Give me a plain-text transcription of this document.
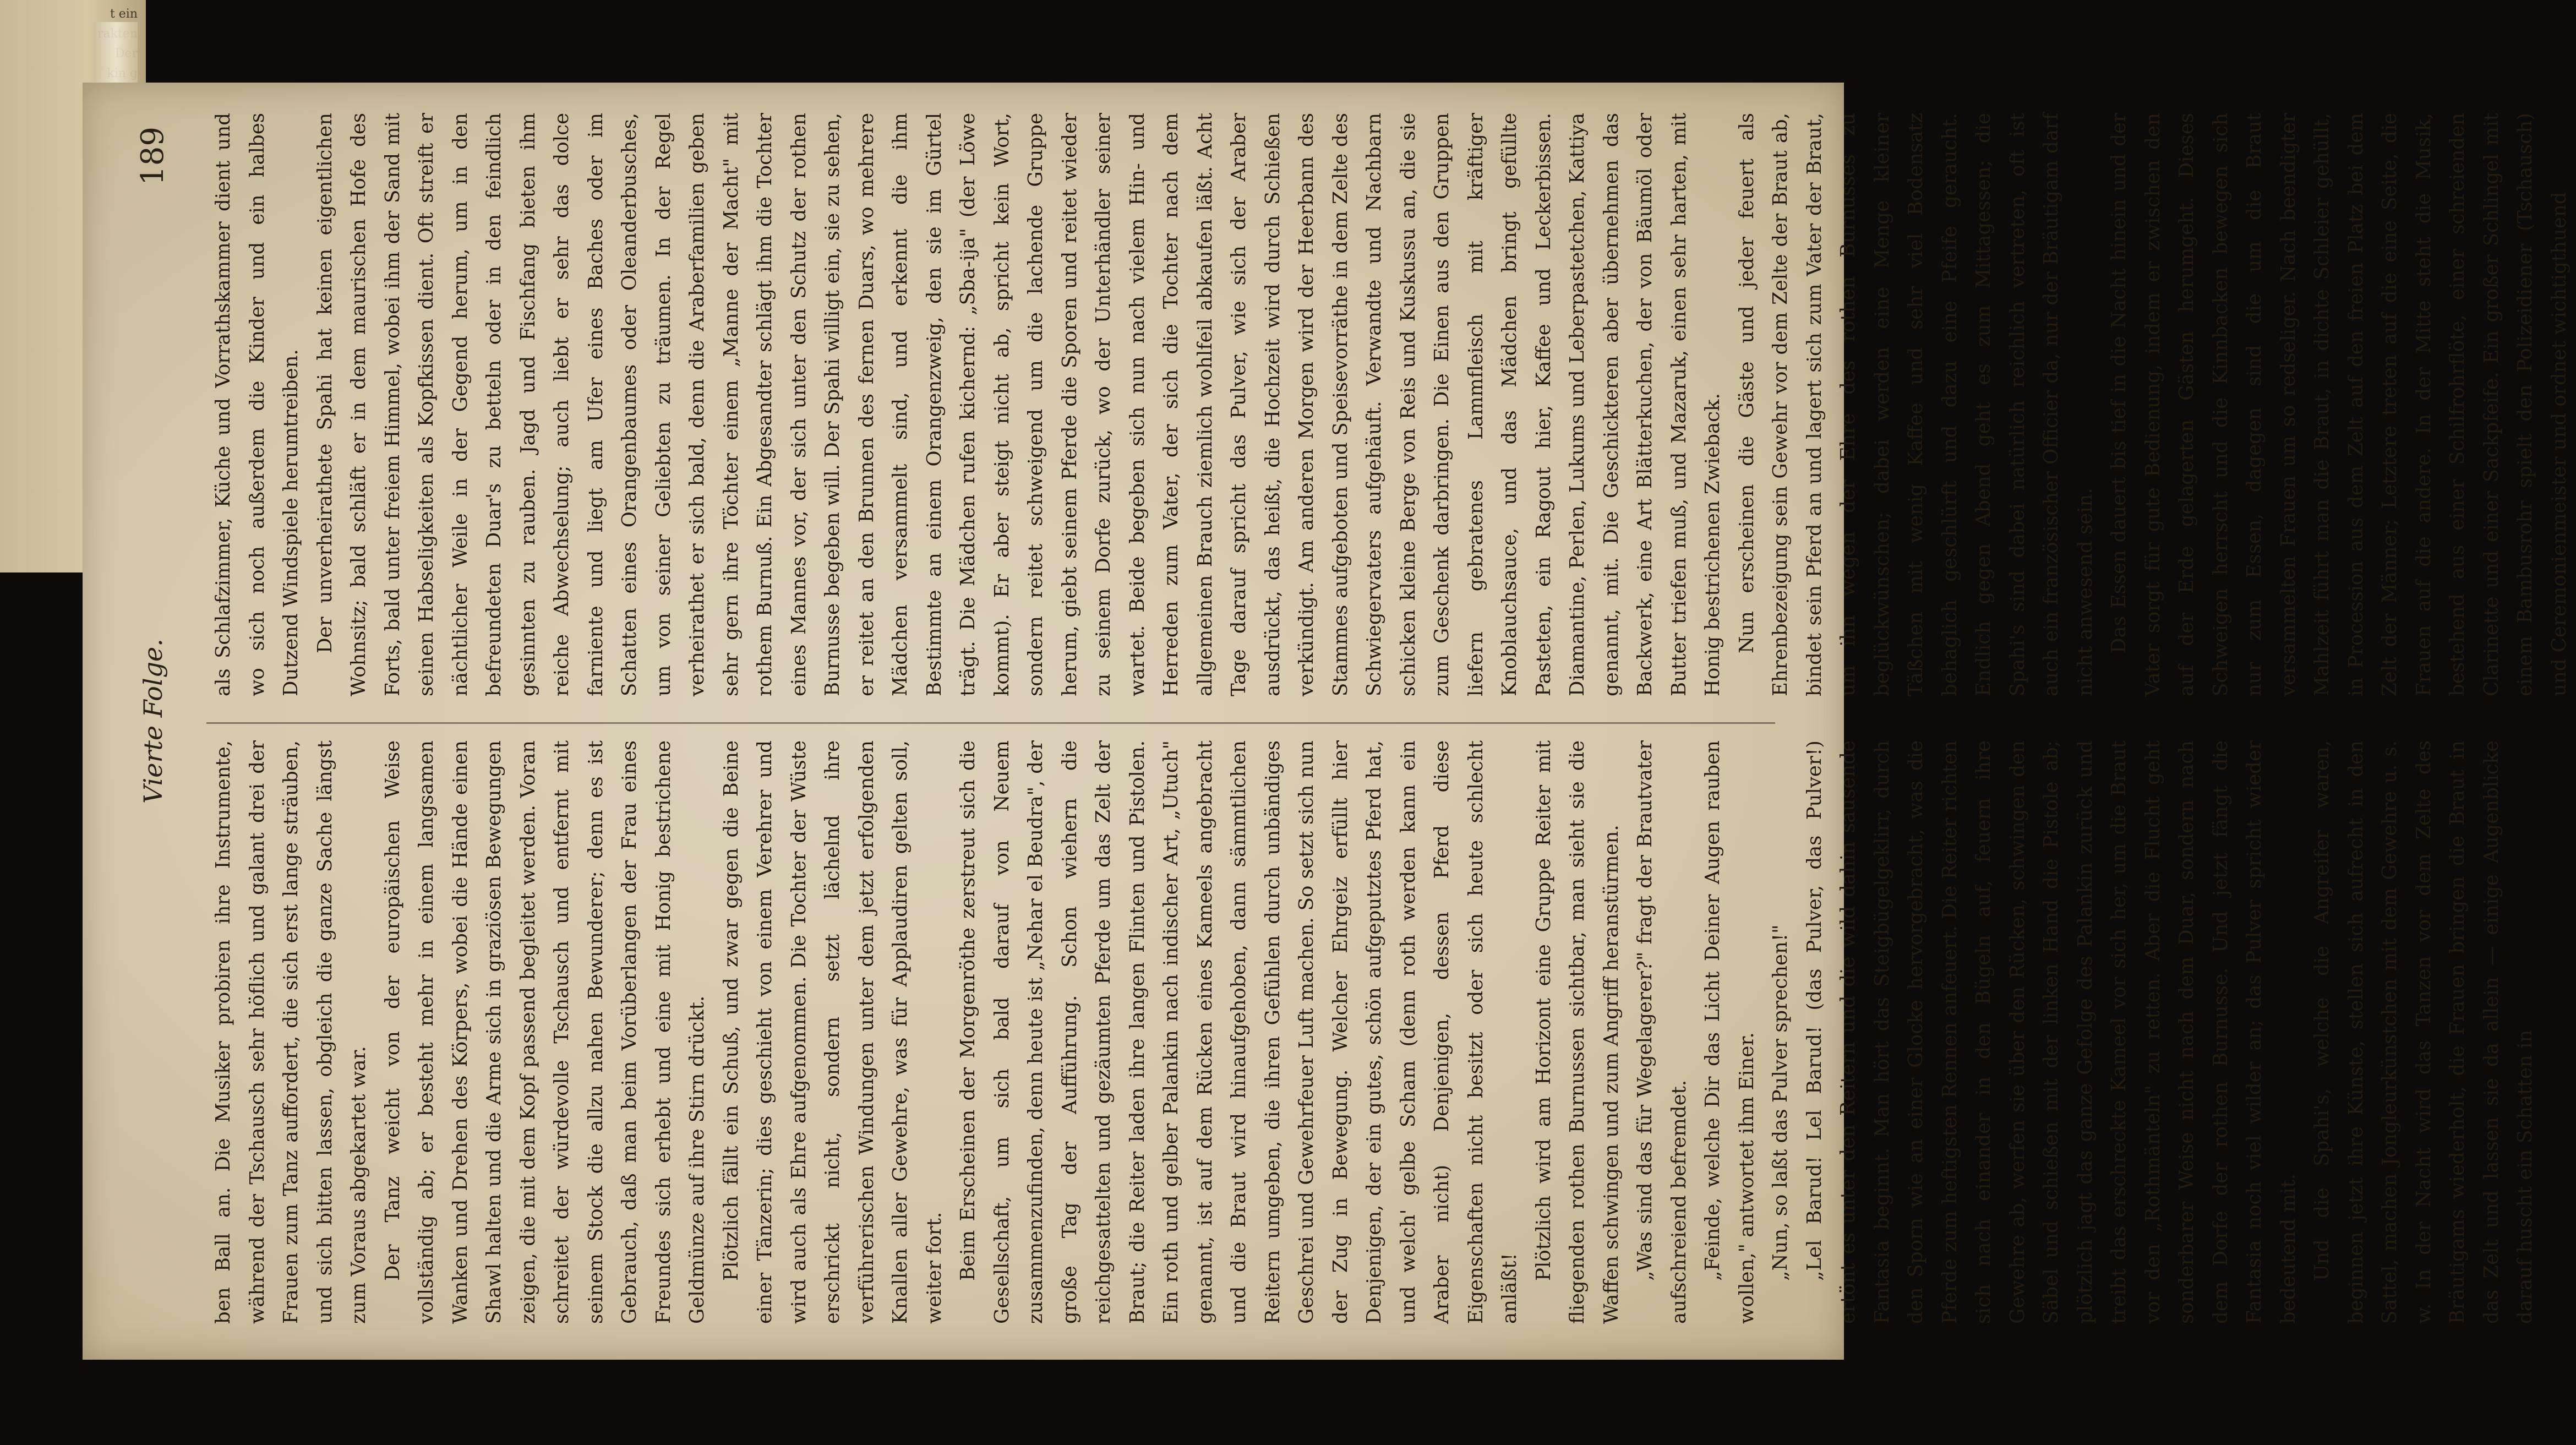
t ein

Vierte Folge.
189

ben Ball an. Die Musiker probiren ihre Instrumente, während der Tschausch sehr höflich und galant drei der Frauen zum Tanz auffordert, die sich erst lange sträuben, und sich bitten lassen, obgleich die ganze Sache längst zum Voraus abgekartet war. Der Tanz weicht von der europäischen Weise vollständig ab; er besteht mehr in einem langsamen Wanken und Drehen des Körpers, wobei die Hände einen Shawl halten und die Arme sich in graziösen Bewegungen zeigen, die mit dem Kopf passend begleitet werden. Voran schreitet der würdevolle Tschausch und entfernt mit seinem Stock die allzu nahen Bewunderer; denn es ist Gebrauch, daß man beim Vorüberlangen der Frau eines Freundes sich erhebt und eine mit Honig bestrichene Geldmünze auf ihre Stirn drückt. Plötzlich fällt ein Schuß, und zwar gegen die Beine einer Tänzerin; dies geschieht von einem Verehrer und wird auch als Ehre aufgenommen. Die Tochter der Wüste erschrickt nicht, sondern setzt lächelnd ihre verführerischen Windungen unter dem jetzt erfolgenden Knallen aller Gewehre, was für Applaudiren gelten soll, weiter fort. Beim Erscheinen der Morgenröthe zerstreut sich die Gesellschaft, um sich bald darauf von Neuem zusammenzufinden, denn heute ist „Nehar el Beudra", der große Tag der Aufführung. Schon wiehern die reichgesattelten und gezäumten Pferde um das Zelt der Braut; die Reiter laden ihre langen Flinten und Pistolen. Ein roth und gelber Palankin nach indischer Art, „Utuch" genannt, ist auf dem Rücken eines Kameels angebracht und die Braut wird hinaufgehoben, dann sämmtlichen Reitern umgeben, die ihren Gefühlen durch unbändiges Geschrei und Gewehrfeuer Luft machen. So setzt sich nun der Zug in Bewegung. Welcher Ehrgeiz erfüllt hier Denjenigen, der ein gutes, schön aufgeputztes Pferd hat, und welch' gelbe Scham (denn roth werden kann ein Araber nicht) Denjenigen, dessen Pferd diese Eigenschaften nicht besitzt oder sich heute schlecht anläßt!

Plötzlich wird am Horizont eine Gruppe Reiter mit fliegenden rothen Burnussen sichtbar, man sieht sie die Waffen schwingen und zum Angriff heranstürmen. „Was sind das für Wegelagerer?" fragt der Brautvater aufschreiend befremdet. „Feinde, welche Dir das Licht Deiner Augen rauben wollen," antwortet ihm Einer. „Nun, so laßt das Pulver sprechen!" „Lel Barud! Lel Barud! (das Pulver, das Pulver!) ertönt es unter den Reitern und die wild dahin sausende Fantasia beginnt. Man hört das Steigbügelgeklirr, durch den Sporn wie an einer Glocke hervorgebracht, was die Pferde zum heftigsten Rennen anfeuert. Die Reiter richten sich nach einander in den Bügeln auf, feuern ihre Gewehre ab, werfen sie über den Rücken, schwingen den Säbel und schießen mit der linken Hand die Pistole ab; plötzlich jagt das ganze Gefolge des Palankin zurück und treibt das erschreckte Kameel vor sich her, um die Braut vor den „Rothmänteln" zu retten. Aber die Flucht geht sonderbarer Weise nicht nach dem Duar, sondern nach dem Dorfe der rothen Burnusse. Und jetzt fängt die Fantasia noch viel wilder an; das Pulver spricht wieder bedeutend mit. Und die Spahi's, welche die Angreifer waren, beginnen jetzt ihre Künste, stellen sich aufrecht in den Sattel, machen Jongleurkünstchen mit dem Gewehre u. s. w. In der Nacht wird das Tanzen vor dem Zelte des Bräutigams wiederholt, die Frauen bringen die Braut in das Zelt und lassen sie da allein — einige Augenblicke darauf huscht ein Schatten in

als Schlafzimmer, Küche und Vorrathskammer dient und wo sich noch außerdem die Kinder und ein halbes Dutzend Windspiele herumtreiben. Der unverheirathete Spahi hat keinen eigentlichen Wohnsitz; bald schläft er in dem maurischen Hofe des Forts, bald unter freiem Himmel, wobei ihm der Sand mit seinen Habseligkeiten als Kopfkissen dient. Oft streift er nächtlicher Weile in der Gegend herum, um in den befreundeten Duar's zu betteln oder in den feindlich gesinnten zu rauben. Jagd und Fischfang bieten ihm reiche Abwechselung; auch liebt er sehr das dolce farniente und liegt am Ufer eines Baches oder im Schatten eines Orangenbaumes oder Oleanderbusches, um von seiner Geliebten zu träumen. In der Regel verheirathet er sich bald, denn die Araberfamilien geben sehr gern ihre Töchter einem „Manne der Macht" mit rothem Burnuß. Ein Abgesandter schlägt ihm die Tochter eines Mannes vor, der sich unter den Schutz der rothen Burnusse begeben will. Der Spahi willigt ein, sie zu sehen, er reitet an den Brunnen des fernen Duars, wo mehrere Mädchen versammelt sind, und erkennt die ihm Bestimmte an einem Orangenzweig, den sie im Gürtel trägt. Die Mädchen rufen kichernd: „Sba-ija" (der Löwe kommt). Er aber steigt nicht ab, spricht kein Wort, sondern reitet schweigend um die lachende Gruppe herum, giebt seinem Pferde die Sporen und reitet wieder zu seinem Dorfe zurück, wo der Unterhändler seiner wartet. Beide begeben sich nun nach vielem Hin- und Herreden zum Vater, der sich die Tochter nach dem allgemeinen Brauch ziemlich wohlfeil abkaufen läßt. Acht Tage darauf spricht das Pulver, wie sich der Araber ausdrückt, das heißt, die Hochzeit wird durch Schießen verkündigt. Am anderen Morgen wird der Heerbann des Stammes aufgeboten und Speisevorräthe in dem Zelte des Schwiegervaters aufgehäuft. Verwandte und Nachbarn schicken kleine Berge von Reis und Kuskussu an, die sie zum Geschenk darbringen. Die Einen aus den Gruppen liefern gebratenes Lammfleisch mit kräftiger Knoblauchsauce, und das Mädchen bringt gefüllte Pasteten, ein Ragout hier, Kaffee und Leckerbissen. Diamantine, Perlen, Lukums und Leberpastetchen, Kattiya genannt, mit. Die Geschickteren aber übernehmen das Backwerk, eine Art Blätterkuchen, der von Bäumöl oder Butter triefen muß, und Mazaruk, einen sehr harten, mit Honig bestrichenen Zwieback. Nun erscheinen die Gäste und jeder feuert als Ehrenbezeigung sein Gewehr vor dem Zelte der Braut ab, bindet sein Pferd an und lagert sich zum Vater der Braut, um ihn wegen der Ehre des rothen Burnusses zu beglückwünschen; dabei werden eine Menge kleiner Täßchen mit wenig Kaffee und sehr viel Bodensatz behaglich geschlürft und dazu eine Pfeife geraucht. Endlich gegen Abend geht es zum Mittagessen; die Spahi's sind dabei natürlich reichlich vertreten, oft ist auch ein französischer Officier da, nur der Bräutigam darf nicht anwesend sein. Das Essen dauert bis tief in die Nacht hinein und der Vater sorgt für gute Bedienung, indem er zwischen den auf der Erde gelagerten Gästen herumgeht. Dieses Schweigen herrscht und die Kinnbacken bewegen sich nur zum Essen, dagegen sind die um die Braut versammelten Frauen um so redseliger. Nach beendigter Mahlzeit führt man die Braut, in dichte Schleier gehüllt, in Procession aus dem Zelt auf den freien Platz bei dem Zelt der Männer; Letztere treten auf die eine Seite, die Frauen auf die andere. In der Mitte steht die Musik, bestehend aus einer Schilfrohrflöte, einer schreienden Clarinette und einer Sackpfeife. Ein großer Schlingel mit einem Bambusrohr spielt den Polizeidiener (Tschausch) und Ceremonienmeister und ordnet wichtigthuend
